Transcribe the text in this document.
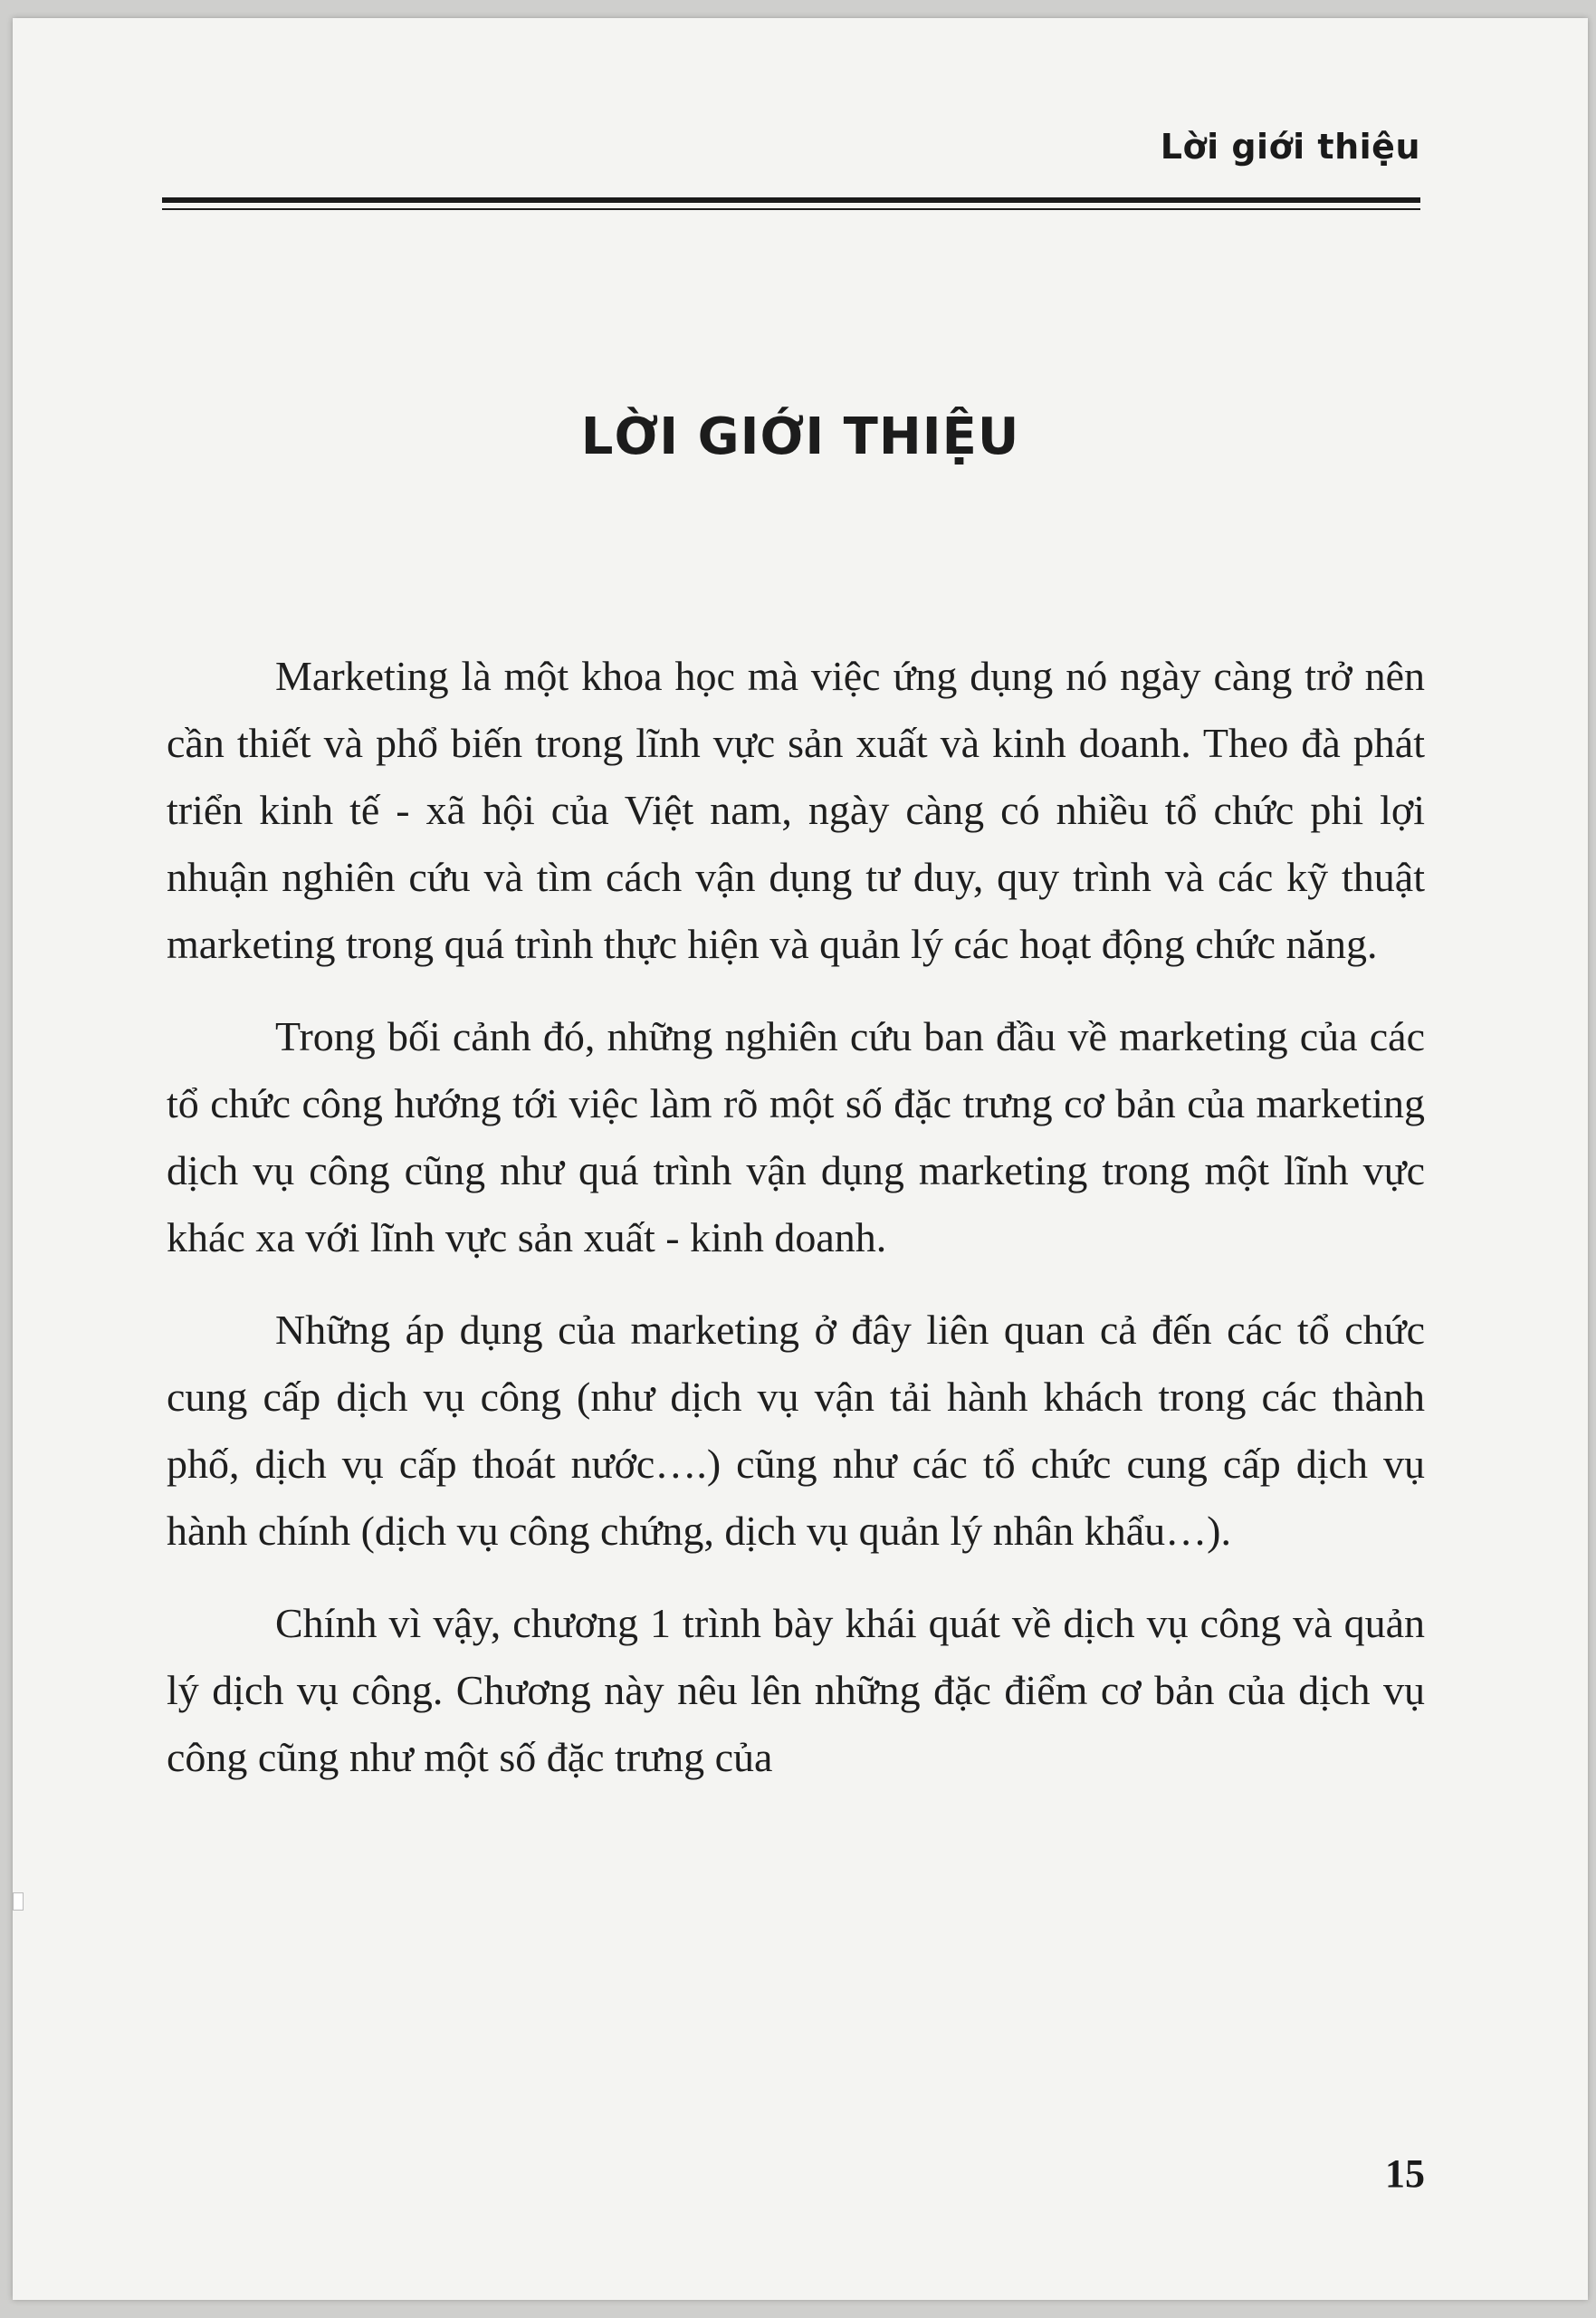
Lời giới thiệu
LỜI GIỚI THIỆU

Marketing là một khoa học mà việc ứng dụng nó ngày càng trở nên cần thiết và phổ biến trong lĩnh vực sản xuất và kinh doanh. Theo đà phát triển kinh tế - xã hội của Việt nam, ngày càng có nhiều tổ chức phi lợi nhuận nghiên cứu và tìm cách vận dụng tư duy, quy trình và các kỹ thuật marketing trong quá trình thực hiện và quản lý các hoạt động chức năng.

Trong bối cảnh đó, những nghiên cứu ban đầu về marketing của các tổ chức công hướng tới việc làm rõ một số đặc trưng cơ bản của marketing dịch vụ công cũng như quá trình vận dụng marketing trong một lĩnh vực khác xa với lĩnh vực sản xuất - kinh doanh.

Những áp dụng của marketing ở đây liên quan cả đến các tổ chức cung cấp dịch vụ công (như dịch vụ vận tải hành khách trong các thành phố, dịch vụ cấp thoát nước….) cũng như các tổ chức cung cấp dịch vụ hành chính (dịch vụ công chứng, dịch vụ quản lý nhân khẩu…).

Chính vì vậy, chương 1 trình bày khái quát về dịch vụ công và quản lý dịch vụ công. Chương này nêu lên những đặc điểm cơ bản của dịch vụ công cũng như một số đặc trưng của

15
